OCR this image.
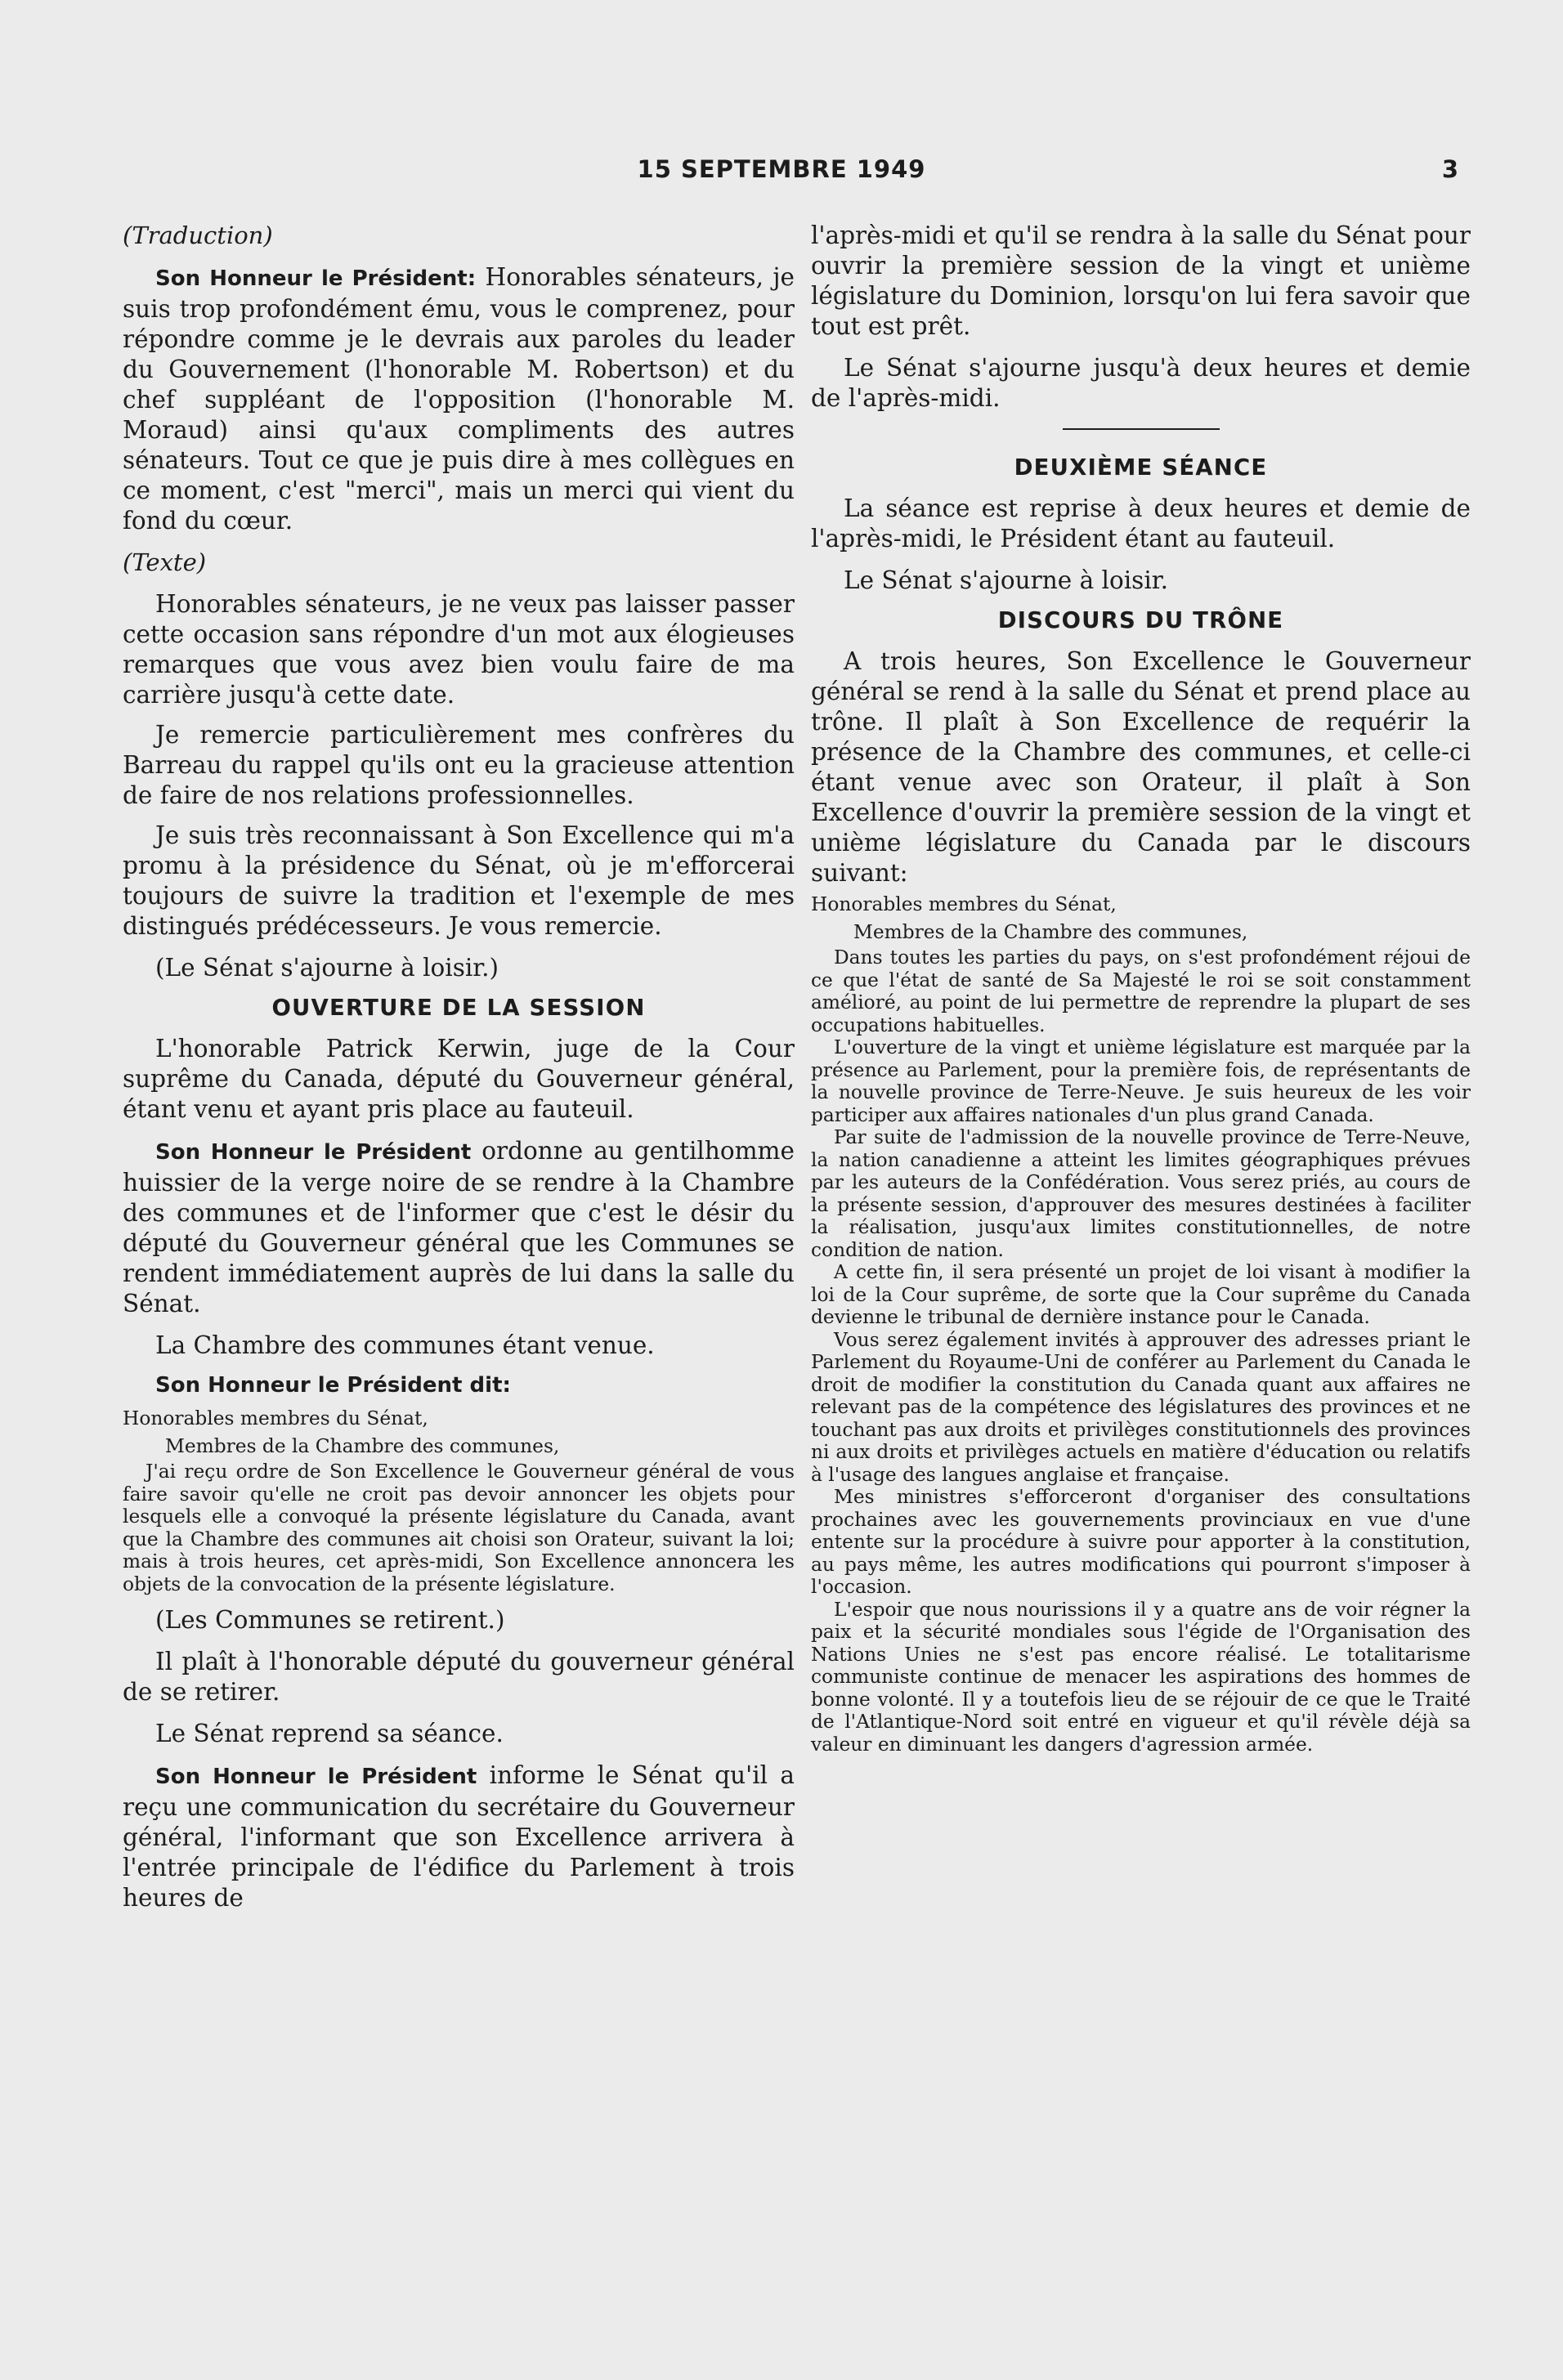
15 SEPTEMBRE 1949	3

(Traduction)

Son Honneur le Président: Honorables sénateurs, je suis trop profondément ému, vous le comprenez, pour répondre comme je le devrais aux paroles du leader du Gouvernement (l'honorable M. Robertson) et du chef suppléant de l'opposition (l'honorable M. Moraud) ainsi qu'aux compliments des autres sénateurs. Tout ce que je puis dire à mes collègues en ce moment, c'est "merci", mais un merci qui vient du fond du cœur.

(Texte)

Honorables sénateurs, je ne veux pas laisser passer cette occasion sans répondre d'un mot aux élogieuses remarques que vous avez bien voulu faire de ma carrière jusqu'à cette date.

Je remercie particulièrement mes confrères du Barreau du rappel qu'ils ont eu la gracieuse attention de faire de nos relations professionnelles.

Je suis très reconnaissant à Son Excellence qui m'a promu à la présidence du Sénat, où je m'efforcerai toujours de suivre la tradition et l'exemple de mes distingués prédécesseurs. Je vous remercie.

(Le Sénat s'ajourne à loisir.)

OUVERTURE DE LA SESSION

L'honorable Patrick Kerwin, juge de la Cour suprême du Canada, député du Gouverneur général, étant venu et ayant pris place au fauteuil.

Son Honneur le Président ordonne au gentilhomme huissier de la verge noire de se rendre à la Chambre des communes et de l'informer que c'est le désir du député du Gouverneur général que les Communes se rendent immédiatement auprès de lui dans la salle du Sénat.

La Chambre des communes étant venue.

Son Honneur le Président dit:

Honorables membres du Sénat,

Membres de la Chambre des communes,

J'ai reçu ordre de Son Excellence le Gouverneur général de vous faire savoir qu'elle ne croit pas devoir annoncer les objets pour lesquels elle a convoqué la présente législature du Canada, avant que la Chambre des communes ait choisi son Orateur, suivant la loi; mais à trois heures, cet après-midi, Son Excellence annoncera les objets de la convocation de la présente législature.

(Les Communes se retirent.)

Il plaît à l'honorable député du gouverneur général de se retirer.

Le Sénat reprend sa séance.

Son Honneur le Président informe le Sénat qu'il a reçu une communication du secrétaire du Gouverneur général, l'informant que son Excellence arrivera à l'entrée principale de l'édifice du Parlement à trois heures de

l'après-midi et qu'il se rendra à la salle du Sénat pour ouvrir la première session de la vingt et unième législature du Dominion, lorsqu'on lui fera savoir que tout est prêt.

Le Sénat s'ajourne jusqu'à deux heures et demie de l'après-midi.

DEUXIÈME SÉANCE

La séance est reprise à deux heures et demie de l'après-midi, le Président étant au fauteuil.

Le Sénat s'ajourne à loisir.

DISCOURS DU TRÔNE

A trois heures, Son Excellence le Gouverneur général se rend à la salle du Sénat et prend place au trône. Il plaît à Son Excellence de requérir la présence de la Chambre des communes, et celle-ci étant venue avec son Orateur, il plaît à Son Excellence d'ouvrir la première session de la vingt et unième législature du Canada par le discours suivant:

Honorables membres du Sénat,

Membres de la Chambre des communes,

Dans toutes les parties du pays, on s'est profondément réjoui de ce que l'état de santé de Sa Majesté le roi se soit constamment amélioré, au point de lui permettre de reprendre la plupart de ses occupations habituelles.

L'ouverture de la vingt et unième législature est marquée par la présence au Parlement, pour la première fois, de représentants de la nouvelle province de Terre-Neuve. Je suis heureux de les voir participer aux affaires nationales d'un plus grand Canada.

Par suite de l'admission de la nouvelle province de Terre-Neuve, la nation canadienne a atteint les limites géographiques prévues par les auteurs de la Confédération. Vous serez priés, au cours de la présente session, d'approuver des mesures destinées à faciliter la réalisation, jusqu'aux limites constitutionnelles, de notre condition de nation.

A cette fin, il sera présenté un projet de loi visant à modifier la loi de la Cour suprême, de sorte que la Cour suprême du Canada devienne le tribunal de dernière instance pour le Canada.

Vous serez également invités à approuver des adresses priant le Parlement du Royaume-Uni de conférer au Parlement du Canada le droit de modifier la constitution du Canada quant aux affaires ne relevant pas de la compétence des législatures des provinces et ne touchant pas aux droits et privilèges constitutionnels des provinces ni aux droits et privilèges actuels en matière d'éducation ou relatifs à l'usage des langues anglaise et française.

Mes ministres s'efforceront d'organiser des consultations prochaines avec les gouvernements provinciaux en vue d'une entente sur la procédure à suivre pour apporter à la constitution, au pays même, les autres modifications qui pourront s'imposer à l'occasion.

L'espoir que nous nourissions il y a quatre ans de voir régner la paix et la sécurité mondiales sous l'égide de l'Organisation des Nations Unies ne s'est pas encore réalisé. Le totalitarisme communiste continue de menacer les aspirations des hommes de bonne volonté. Il y a toutefois lieu de se réjouir de ce que le Traité de l'Atlantique-Nord soit entré en vigueur et qu'il révèle déjà sa valeur en diminuant les dangers d'agression armée.
